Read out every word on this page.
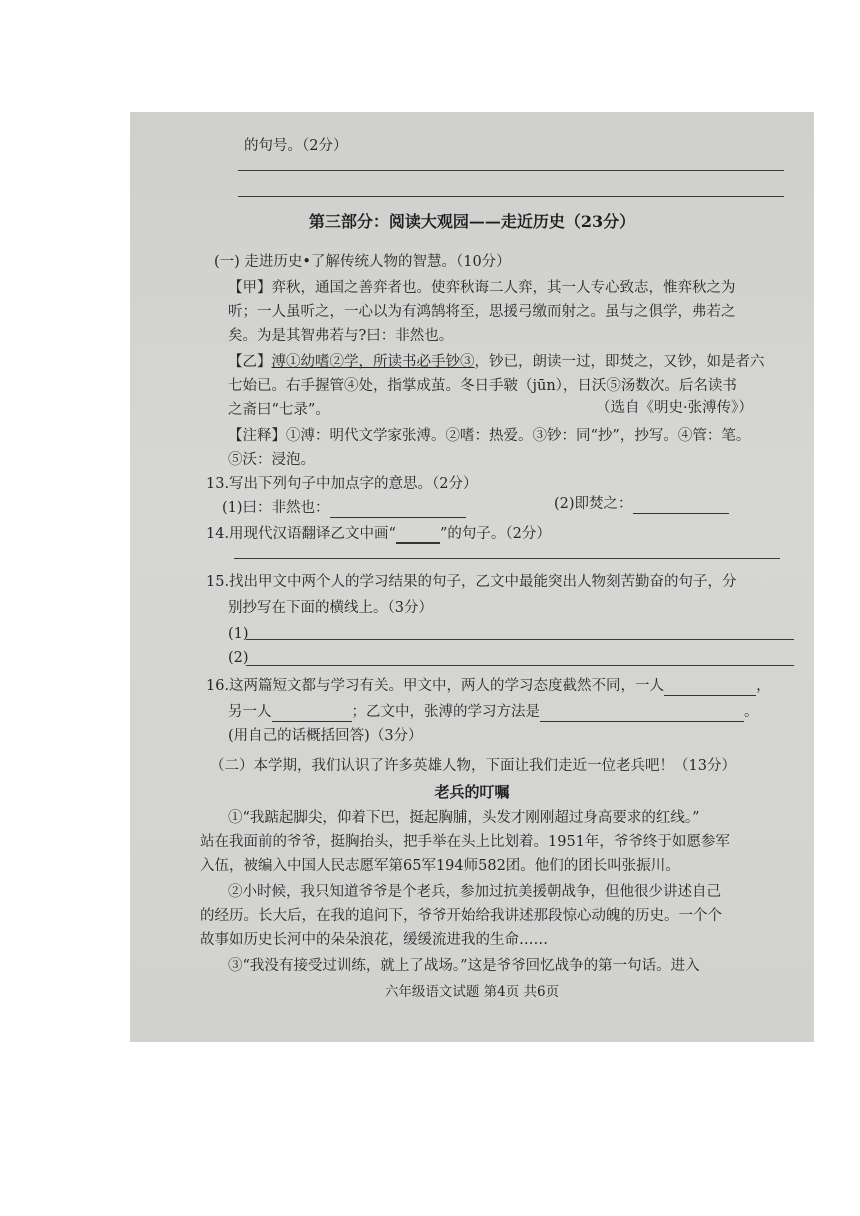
的句号。（2分）
第三部分：阅读大观园——走近历史（23分）
(一) 走进历史•了解传统人物的智慧。（10分）
【甲】弈秋，通国之善弈者也。使弈秋诲二人弈，其一人专心致志，惟弈秋之为
听；一人虽听之，一心以为有鸿鹄将至，思援弓缴而射之。虽与之俱学，弗若之
矣。为是其智弗若与?曰：非然也。
【乙】溥①幼嗜②学，所读书必手钞③，钞已，朗读一过，即焚之，又钞，如是者六
七始已。右手握管④处，指掌成茧。冬日手皲（jūn），日沃⑤汤数次。后名读书
之斋曰“七录”。	（选自《明史·张溥传》）
【注释】①溥：明代文学家张溥。②嗜：热爱。③钞：同“抄”，抄写。④管：笔。
⑤沃：浸泡。
13.写出下列句子中加点字的意思。（2分）
(1)曰：非然也：	(2)即焚之：
14.用现代汉语翻译乙文中画“	”的句子。（2分）
15.找出甲文中两个人的学习结果的句子，乙文中最能突出人物刻苦勤奋的句子，分
别抄写在下面的横线上。（3分）
(1)
(2)
16.这两篇短文都与学习有关。甲文中，两人的学习态度截然不同，一人	，
另一人	；乙文中，张溥的学习方法是	。
(用自己的话概括回答)（3分）
（二）本学期，我们认识了许多英雄人物，下面让我们走近一位老兵吧！（13分）
老兵的叮嘱
①“我踮起脚尖，仰着下巴，挺起胸脯，头发才刚刚超过身高要求的红线。”
站在我面前的爷爷，挺胸抬头，把手举在头上比划着。1951年，爷爷终于如愿参军
入伍，被编入中国人民志愿军第65军194师582团。他们的团长叫张振川。
②小时候，我只知道爷爷是个老兵，参加过抗美援朝战争，但他很少讲述自己
的经历。长大后，在我的追问下，爷爷开始给我讲述那段惊心动魄的历史。一个个
故事如历史长河中的朵朵浪花，缓缓流进我的生命……
③“我没有接受过训练，就上了战场。”这是爷爷回忆战争的第一句话。进入
六年级语文试题 第4页 共6页
